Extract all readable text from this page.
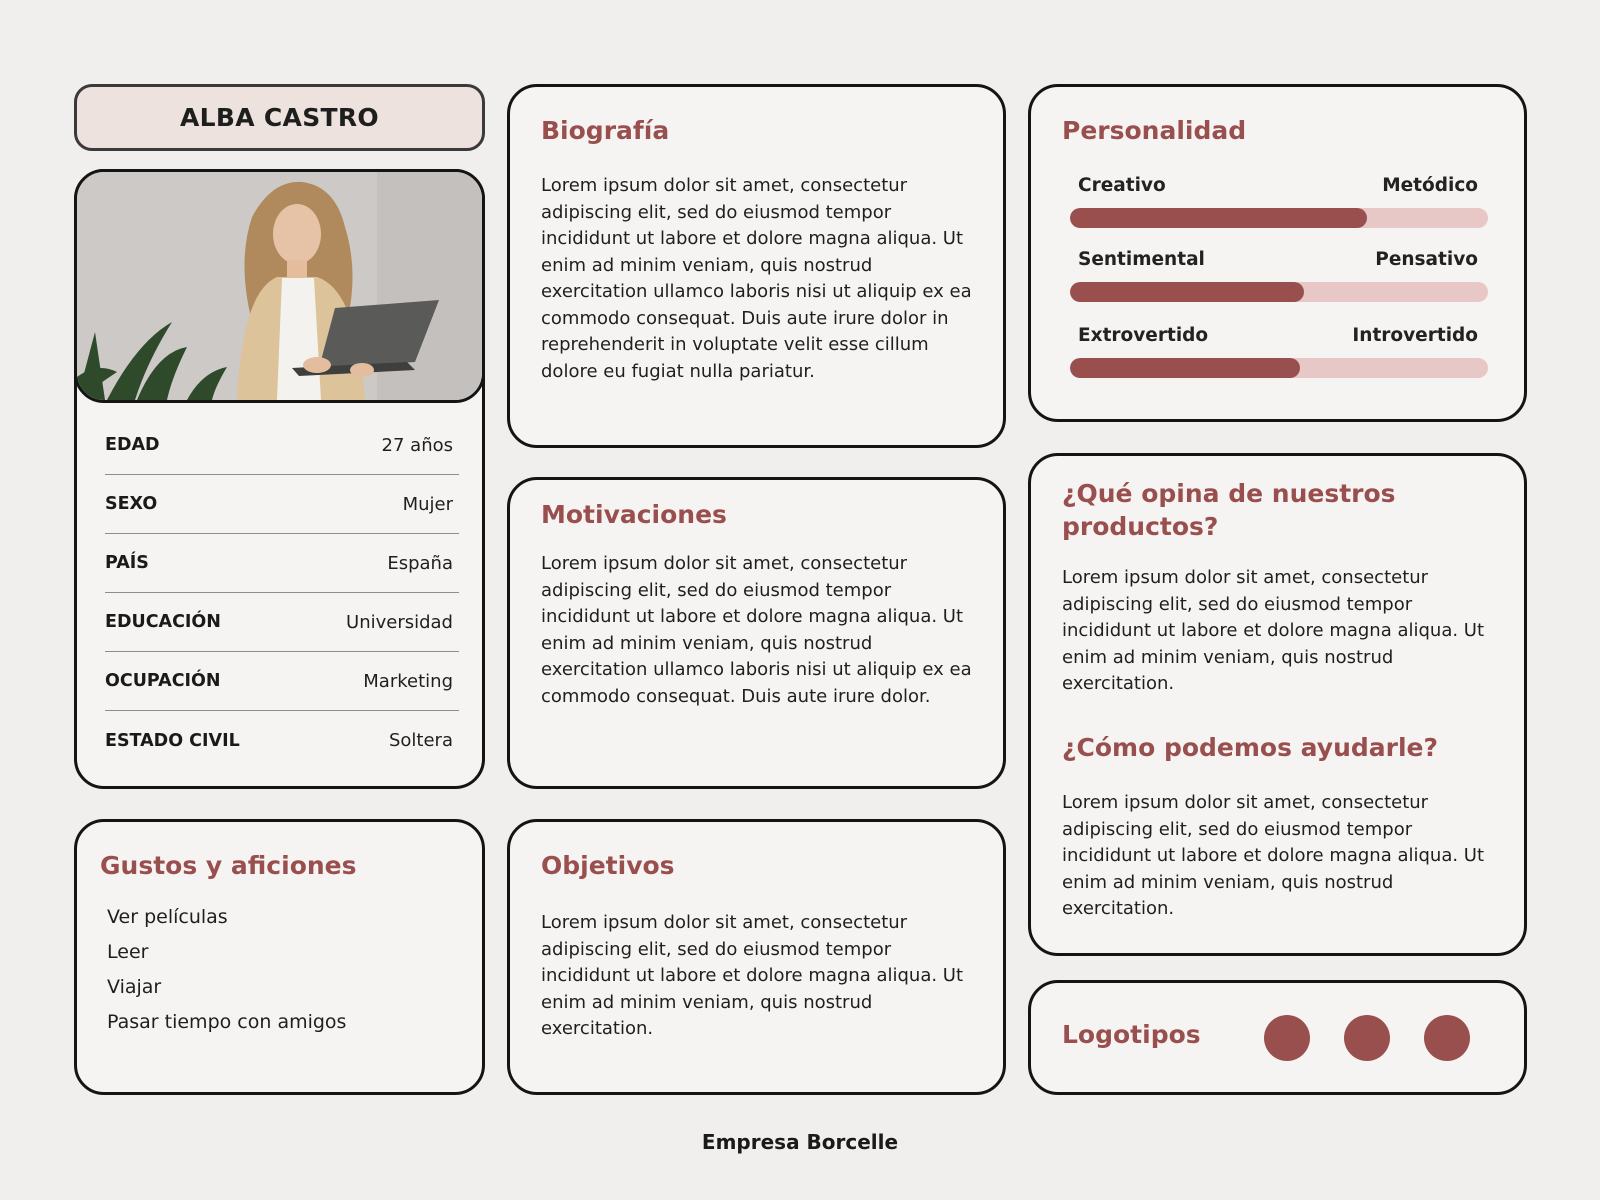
ALBA CASTRO
EDAD	27 años
SEXO	Mujer
PAÍS	España
EDUCACIÓN	Universidad
OCUPACIÓN	Marketing
ESTADO CIVIL	Soltera
Gustos y aficiones
Ver películas
Leer
Viajar
Pasar tiempo con amigos
Biografía

Lorem ipsum dolor sit amet, consectetur adipiscing elit, sed do eiusmod tempor incididunt ut labore et dolore magna aliqua. Ut enim ad minim veniam, quis nostrud exercitation ullamco laboris nisi ut aliquip ex ea commodo consequat. Duis aute irure dolor in reprehenderit in voluptate velit esse cillum dolore eu fugiat nulla pariatur.

Motivaciones

Lorem ipsum dolor sit amet, consectetur adipiscing elit, sed do eiusmod tempor incididunt ut labore et dolore magna aliqua. Ut enim ad minim veniam, quis nostrud exercitation ullamco laboris nisi ut aliquip ex ea commodo consequat. Duis aute irure dolor.

Objetivos

Lorem ipsum dolor sit amet, consectetur adipiscing elit, sed do eiusmod tempor incididunt ut labore et dolore magna aliqua. Ut enim ad minim veniam, quis nostrud exercitation.

Personalidad
Creativo	Metódico
Sentimental	Pensativo
Extrovertido	Introvertido
¿Qué opina de nuestros productos?

Lorem ipsum dolor sit amet, consectetur adipiscing elit, sed do eiusmod tempor incididunt ut labore et dolore magna aliqua. Ut enim ad minim veniam, quis nostrud exercitation.

¿Cómo podemos ayudarle?

Lorem ipsum dolor sit amet, consectetur adipiscing elit, sed do eiusmod tempor incididunt ut labore et dolore magna aliqua. Ut enim ad minim veniam, quis nostrud exercitation.

Logotipos
Empresa Borcelle
